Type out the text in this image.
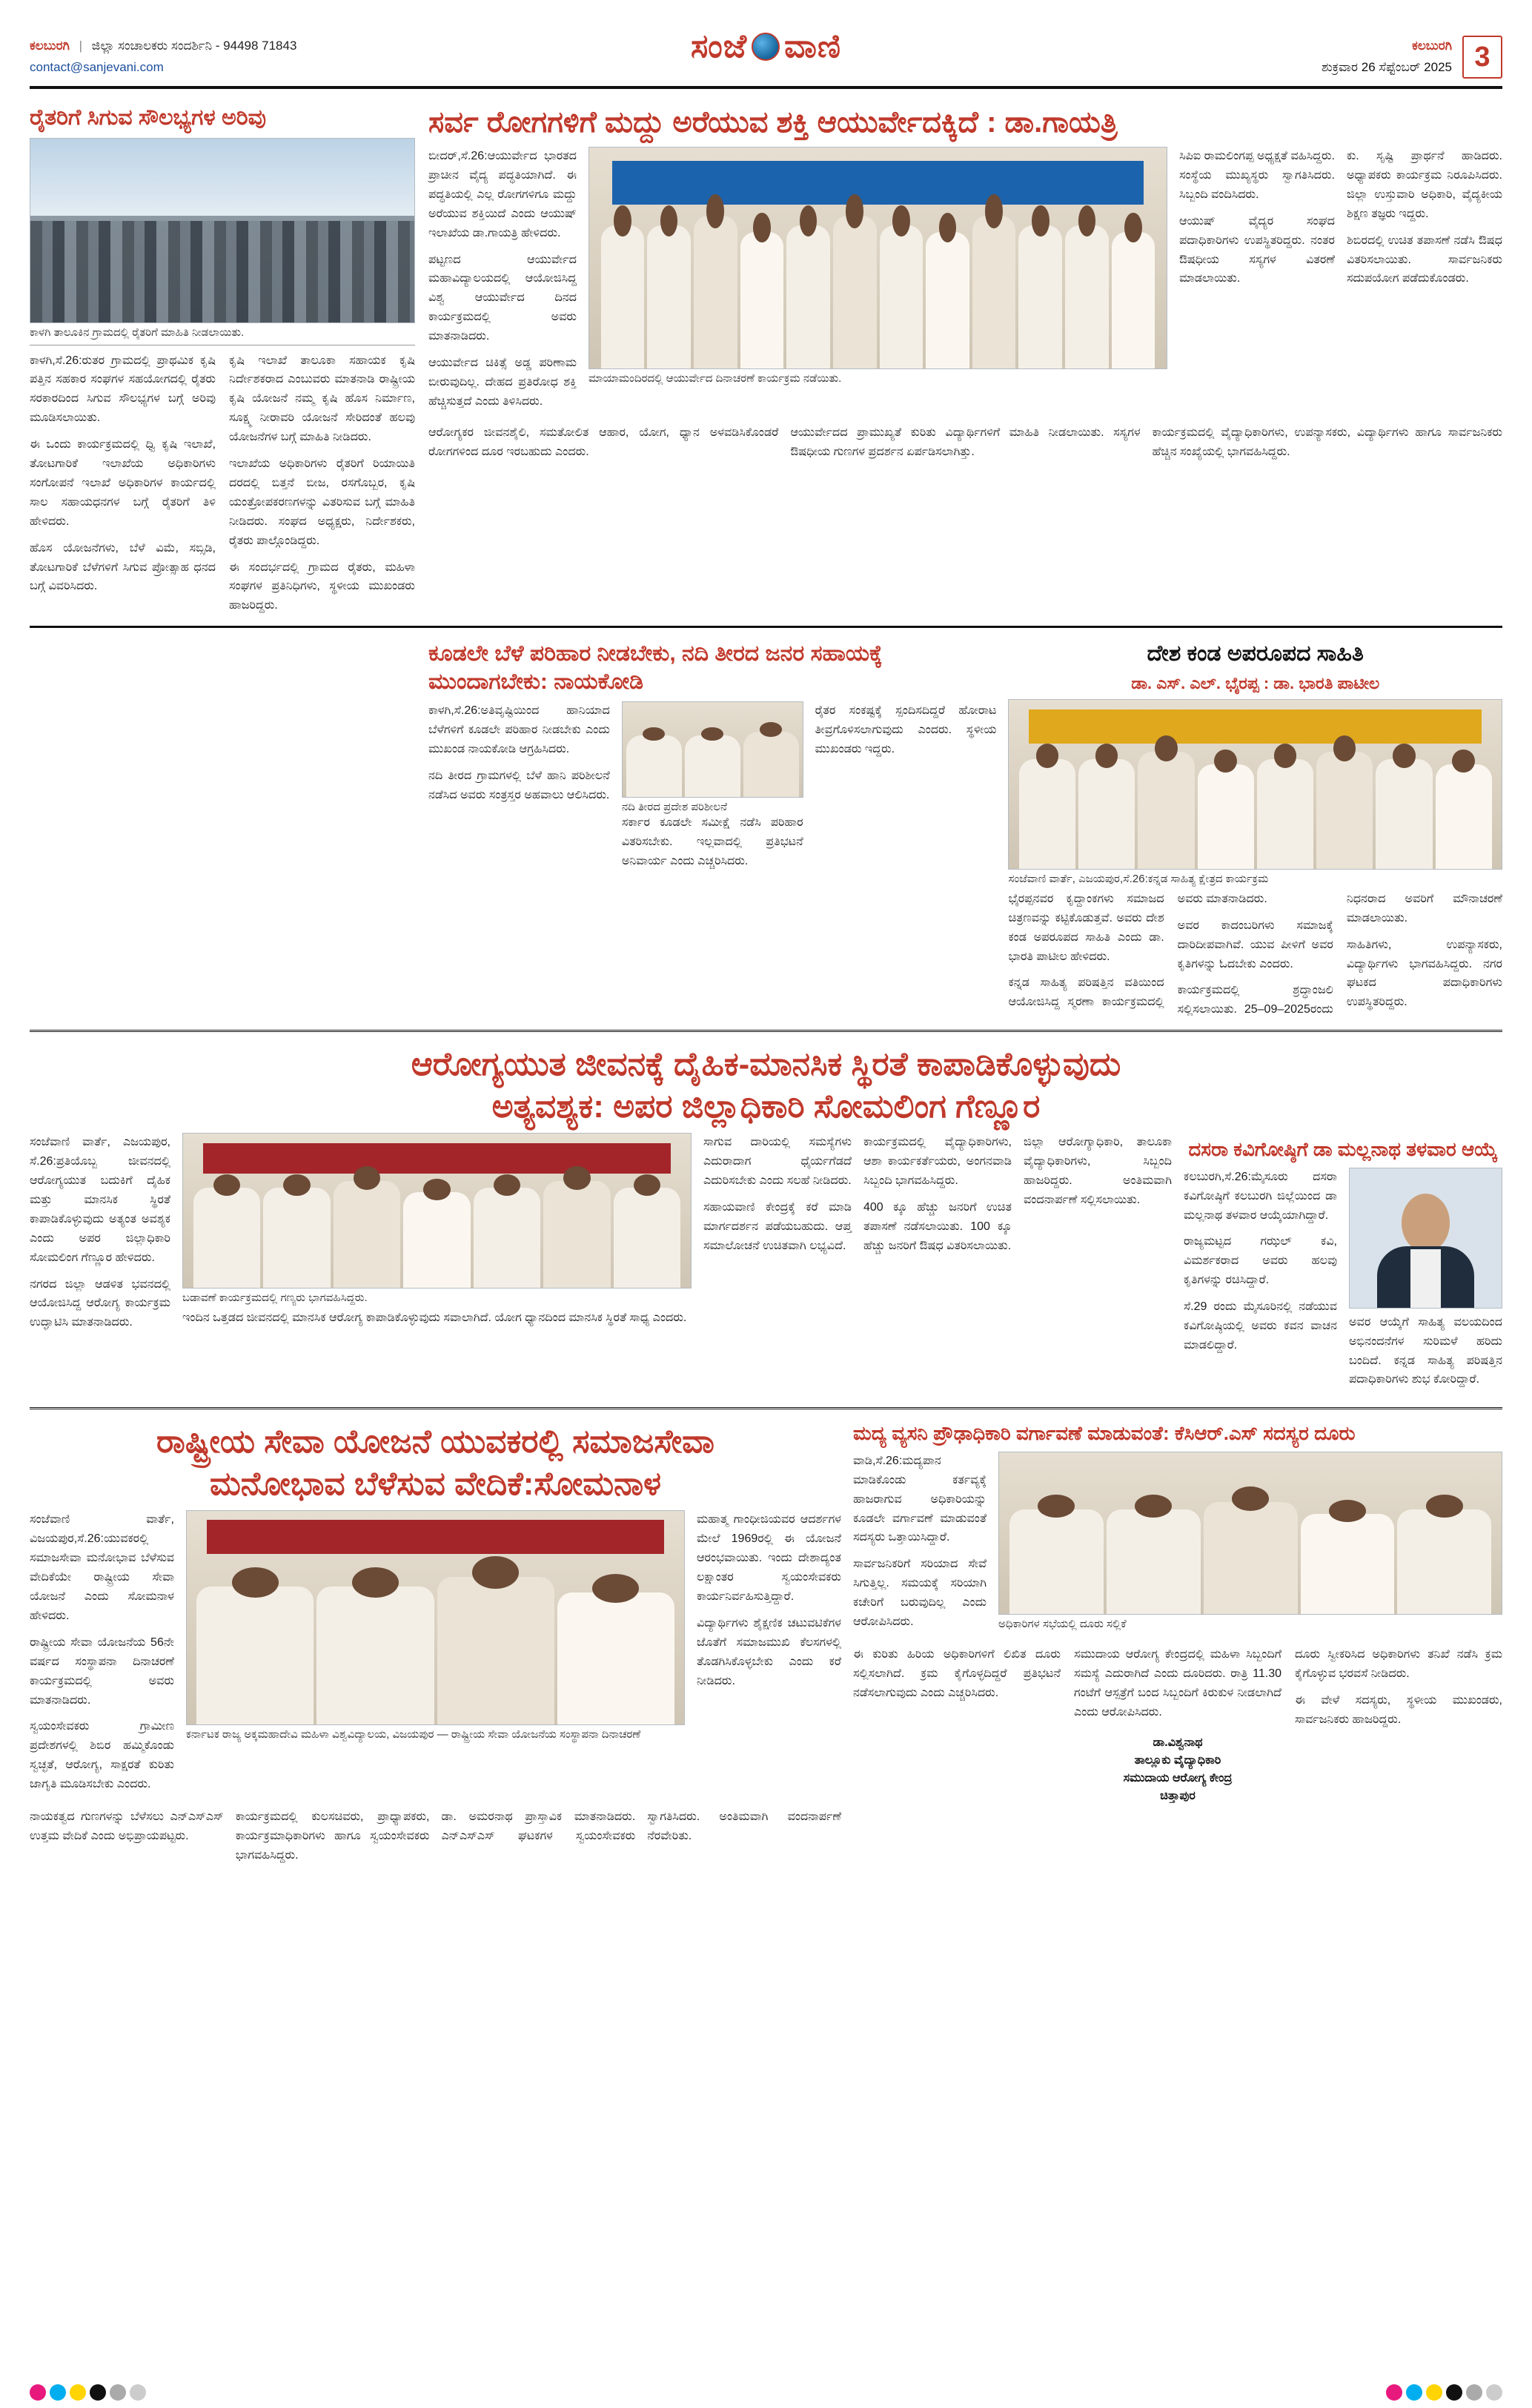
ಕಲಬುರಗಿ | ಜಿಲ್ಲಾ ಸಂಚಾಲಕರು ಸಂದರ್ಶಿನಿ - 94498 71843
contact@sanjevani.com
ಸಂಜೆ ವಾಣಿ	ಕಲಬುರಗಿ
ಶುಕ್ರವಾರ 26 ಸೆಪ್ಟೆಂಬರ್ 2025 3
ರೈತರಿಗೆ ಸಿಗುವ ಸೌಲಭ್ಯಗಳ ಅರಿವು
ಕಾಳಗಿ ತಾಲೂಕಿನ ಗ್ರಾಮದಲ್ಲಿ ರೈತರಿಗೆ ಮಾಹಿತಿ ನೀಡಲಾಯಿತು.

ಕಾಳಗಿ,ಸೆ.26:ರುತರ ಗ್ರಾಮದಲ್ಲಿ ಪ್ರಾಥಮಿಕ ಕೃಷಿ ಪತ್ತಿನ ಸಹಕಾರ ಸಂಘಗಳ ಸಹಯೋಗದಲ್ಲಿ ರೈತರು ಸರಕಾರದಿಂದ ಸಿಗುವ ಸೌಲಭ್ಯಗಳ ಬಗ್ಗೆ ಅರಿವು ಮೂಡಿಸಲಾಯಿತು.

ಈ ಒಂದು ಕಾರ್ಯಕ್ರಮದಲ್ಲಿ ಧ್ವಿ ಕೃಷಿ ಇಲಾಖೆ, ತೋಟಗಾರಿಕೆ ಇಲಾಖೆಯ ಅಧಿಕಾರಿಗಳು ಸಂಗೋಪನೆ ಇಲಾಖೆ ಅಧಿಕಾರಿಗಳ ಕಾರ್ಯದಲ್ಲಿ ಸಾಲ ಸಹಾಯಧನಗಳ ಬಗ್ಗೆ ರೈತರಿಗೆ ತಿಳಿ ಹೇಳಿದರು.

ಹೊಸ ಯೋಜನೆಗಳು, ಬೆಳೆ ವಿಮೆ, ಸಬ್ಸಿಡಿ, ತೋಟಗಾರಿಕೆ ಬೆಳೆಗಳಿಗೆ ಸಿಗುವ ಪ್ರೋತ್ಸಾಹ ಧನದ ಬಗ್ಗೆ ವಿವರಿಸಿದರು.

ಕೃಷಿ ಇಲಾಖೆ ತಾಲೂಕಾ ಸಹಾಯಕ ಕೃಷಿ ನಿರ್ದೇಶಕರಾದ ಎಂಬುವರು ಮಾತನಾಡಿ ರಾಷ್ಟ್ರೀಯ ಕೃಷಿ ಯೋಜನೆ ನಮ್ಮ ಕೃಷಿ ಹೊಸ ನಿರ್ಮಾಣ, ಸೂಕ್ಷ್ಮ ನೀರಾವರಿ ಯೋಜನೆ ಸೇರಿದಂತೆ ಹಲವು ಯೋಜನೆಗಳ ಬಗ್ಗೆ ಮಾಹಿತಿ ನೀಡಿದರು.

ಇಲಾಖೆಯ ಅಧಿಕಾರಿಗಳು ರೈತರಿಗೆ ರಿಯಾಯಿತಿ ದರದಲ್ಲಿ ಬಿತ್ತನೆ ಬೀಜ, ರಸಗೊಬ್ಬರ, ಕೃಷಿ ಯಂತ್ರೋಪಕರಣಗಳನ್ನು ವಿತರಿಸುವ ಬಗ್ಗೆ ಮಾಹಿತಿ ನೀಡಿದರು. ಸಂಘದ ಅಧ್ಯಕ್ಷರು, ನಿರ್ದೇಶಕರು, ರೈತರು ಪಾಲ್ಗೊಂಡಿದ್ದರು.

ಈ ಸಂದರ್ಭದಲ್ಲಿ ಗ್ರಾಮದ ರೈತರು, ಮಹಿಳಾ ಸಂಘಗಳ ಪ್ರತಿನಿಧಿಗಳು, ಸ್ಥಳೀಯ ಮುಖಂಡರು ಹಾಜರಿದ್ದರು.

ಸರ್ವ ರೋಗಗಳಿಗೆ ಮದ್ದು ಅರೆಯುವ ಶಕ್ತಿ ಆಯುರ್ವೇದಕ್ಕಿದೆ : ಡಾ.ಗಾಯತ್ರಿ

ಬೀದರ್,ಸೆ.26:ಆಯುರ್ವೇದ ಭಾರತದ ಪ್ರಾಚೀನ ವೈದ್ಯ ಪದ್ಧತಿಯಾಗಿದೆ. ಈ ಪದ್ಧತಿಯಲ್ಲಿ ಎಲ್ಲ ರೋಗಗಳಿಗೂ ಮದ್ದು ಅರೆಯುವ ಶಕ್ತಿಯಿದೆ ಎಂದು ಆಯುಷ್ ಇಲಾಖೆಯ ಡಾ.ಗಾಯತ್ರಿ ಹೇಳಿದರು.

ಪಟ್ಟಣದ ಆಯುರ್ವೇದ ಮಹಾವಿದ್ಯಾಲಯದಲ್ಲಿ ಆಯೋಜಿಸಿದ್ದ ವಿಶ್ವ ಆಯುರ್ವೇದ ದಿನದ ಕಾರ್ಯಕ್ರಮದಲ್ಲಿ ಅವರು ಮಾತನಾಡಿದರು.

ಆಯುರ್ವೇದ ಚಿಕಿತ್ಸೆ ಅಡ್ಡ ಪರಿಣಾಮ ಬೀರುವುದಿಲ್ಲ. ದೇಹದ ಪ್ರತಿರೋಧ ಶಕ್ತಿ ಹೆಚ್ಚಿಸುತ್ತದೆ ಎಂದು ತಿಳಿಸಿದರು.

ಮಾಯಾಮಂದಿರದಲ್ಲಿ ಆಯುರ್ವೇದ ದಿನಾಚರಣೆ ಕಾರ್ಯಕ್ರಮ ನಡೆಯಿತು.

ಸಿಪಿಐ ರಾಮಲಿಂಗಪ್ಪ ಅಧ್ಯಕ್ಷತೆ ವಹಿಸಿದ್ದರು. ಸಂಸ್ಥೆಯ ಮುಖ್ಯಸ್ಥರು ಸ್ವಾಗತಿಸಿದರು. ಸಿಬ್ಬಂದಿ ವಂದಿಸಿದರು.

ಆಯುಷ್ ವೈದ್ಯರ ಸಂಘದ ಪದಾಧಿಕಾರಿಗಳು ಉಪಸ್ಥಿತರಿದ್ದರು. ನಂತರ ಔಷಧೀಯ ಸಸ್ಯಗಳ ವಿತರಣೆ ಮಾಡಲಾಯಿತು.

ಕು. ಸೃಷ್ಟಿ ಪ್ರಾರ್ಥನೆ ಹಾಡಿದರು. ಅಧ್ಯಾಪಕರು ಕಾರ್ಯಕ್ರಮ ನಿರೂಪಿಸಿದರು. ಜಿಲ್ಲಾ ಉಸ್ತುವಾರಿ ಅಧಿಕಾರಿ, ವೈದ್ಯಕೀಯ ಶಿಕ್ಷಣ ತಜ್ಞರು ಇದ್ದರು.

ಶಿಬಿರದಲ್ಲಿ ಉಚಿತ ತಪಾಸಣೆ ನಡೆಸಿ ಔಷಧ ವಿತರಿಸಲಾಯಿತು. ಸಾರ್ವಜನಿಕರು ಸದುಪಯೋಗ ಪಡೆದುಕೊಂಡರು.

ಆರೋಗ್ಯಕರ ಜೀವನಶೈಲಿ, ಸಮತೋಲಿತ ಆಹಾರ, ಯೋಗ, ಧ್ಯಾನ ಅಳವಡಿಸಿಕೊಂಡರೆ ರೋಗಗಳಿಂದ ದೂರ ಇರಬಹುದು ಎಂದರು.

ಆಯುರ್ವೇದದ ಪ್ರಾಮುಖ್ಯತೆ ಕುರಿತು ವಿದ್ಯಾರ್ಥಿಗಳಿಗೆ ಮಾಹಿತಿ ನೀಡಲಾಯಿತು. ಸಸ್ಯಗಳ ಔಷಧೀಯ ಗುಣಗಳ ಪ್ರದರ್ಶನ ಏರ್ಪಡಿಸಲಾಗಿತ್ತು.

ಕಾರ್ಯಕ್ರಮದಲ್ಲಿ ವೈದ್ಯಾಧಿಕಾರಿಗಳು, ಉಪನ್ಯಾಸಕರು, ವಿದ್ಯಾರ್ಥಿಗಳು ಹಾಗೂ ಸಾರ್ವಜನಿಕರು ಹೆಚ್ಚಿನ ಸಂಖ್ಯೆಯಲ್ಲಿ ಭಾಗವಹಿಸಿದ್ದರು.

ಕೂಡಲೇ ಬೆಳೆ ಪರಿಹಾರ ನೀಡಬೇಕು, ನದಿ ತೀರದ ಜನರ ಸಹಾಯಕ್ಕೆ ಮುಂದಾಗಬೇಕು: ನಾಯಕೋಡಿ

ಕಾಳಗಿ,ಸೆ.26:ಅತಿವೃಷ್ಟಿಯಿಂದ ಹಾನಿಯಾದ ಬೆಳೆಗಳಿಗೆ ಕೂಡಲೇ ಪರಿಹಾರ ನೀಡಬೇಕು ಎಂದು ಮುಖಂಡ ನಾಯಕೋಡಿ ಆಗ್ರಹಿಸಿದರು.

ನದಿ ತೀರದ ಗ್ರಾಮಗಳಲ್ಲಿ ಬೆಳೆ ಹಾನಿ ಪರಿಶೀಲನೆ ನಡೆಸಿದ ಅವರು ಸಂತ್ರಸ್ತರ ಅಹವಾಲು ಆಲಿಸಿದರು.

ನದಿ ತೀರದ ಪ್ರದೇಶ ಪರಿಶೀಲನೆ

ಸರ್ಕಾರ ಕೂಡಲೇ ಸಮೀಕ್ಷೆ ನಡೆಸಿ ಪರಿಹಾರ ವಿತರಿಸಬೇಕು. ಇಲ್ಲವಾದಲ್ಲಿ ಪ್ರತಿಭಟನೆ ಅನಿವಾರ್ಯ ಎಂದು ಎಚ್ಚರಿಸಿದರು.

ರೈತರ ಸಂಕಷ್ಟಕ್ಕೆ ಸ್ಪಂದಿಸದಿದ್ದರೆ ಹೋರಾಟ ತೀವ್ರಗೊಳಿಸಲಾಗುವುದು ಎಂದರು. ಸ್ಥಳೀಯ ಮುಖಂಡರು ಇದ್ದರು.

ದೇಶ ಕಂಡ ಅಪರೂಪದ ಸಾಹಿತಿ
ಡಾ. ಎಸ್. ಎಲ್. ಭೈರಪ್ಪ : ಡಾ. ಭಾರತಿ ಪಾಟೀಲ
ಸಂಜೆವಾಣಿ ವಾರ್ತೆ, ಎಜಯಪುರ,ಸೆ.26:ಕನ್ನಡ ಸಾಹಿತ್ಯ ಕ್ಷೇತ್ರದ ಕಾರ್ಯಕ್ರಮ

ಭೈರಪ್ಪನವರ ಕೃದ್ದಾಂಕಗಳು ಸಮಾಜದ ಚಿತ್ರಣವನ್ನು ಕಟ್ಟಿಕೊಡುತ್ತವೆ. ಅವರು ದೇಶ ಕಂಡ ಅಪರೂಪದ ಸಾಹಿತಿ ಎಂದು ಡಾ. ಭಾರತಿ ಪಾಟೀಲ ಹೇಳಿದರು.

ಕನ್ನಡ ಸಾಹಿತ್ಯ ಪರಿಷತ್ತಿನ ವತಿಯಿಂದ ಆಯೋಜಿಸಿದ್ದ ಸ್ಮರಣಾ ಕಾರ್ಯಕ್ರಮದಲ್ಲಿ ಅವರು ಮಾತನಾಡಿದರು.

ಅವರ ಕಾದಂಬರಿಗಳು ಸಮಾಜಕ್ಕೆ ದಾರಿದೀಪವಾಗಿವೆ. ಯುವ ಪೀಳಿಗೆ ಅವರ ಕೃತಿಗಳನ್ನು ಓದಬೇಕು ಎಂದರು.

ಕಾರ್ಯಕ್ರಮದಲ್ಲಿ ಶ್ರದ್ಧಾಂಜಲಿ ಸಲ್ಲಿಸಲಾಯಿತು. 25–09–2025ರಂದು ನಿಧನರಾದ ಅವರಿಗೆ ಮೌನಾಚರಣೆ ಮಾಡಲಾಯಿತು.

ಸಾಹಿತಿಗಳು, ಉಪನ್ಯಾಸಕರು, ವಿದ್ಯಾರ್ಥಿಗಳು ಭಾಗವಹಿಸಿದ್ದರು. ನಗರ ಘಟಕದ ಪದಾಧಿಕಾರಿಗಳು ಉಪಸ್ಥಿತರಿದ್ದರು.

ಆರೋಗ್ಯಯುತ ಜೀವನಕ್ಕೆ ದೈಹಿಕ-ಮಾನಸಿಕ ಸ್ಥಿರತೆ ಕಾಪಾಡಿಕೊಳ್ಳುವುದು
ಅತ್ಯವಶ್ಯಕ: ಅಪರ ಜಿಲ್ಲಾಧಿಕಾರಿ ಸೋಮಲಿಂಗ ಗೆಣ್ಣೂರ

ಸಂಜೆವಾಣಿ ವಾರ್ತೆ, ಎಜಯಪುರ, ಸೆ.26:ಪ್ರತಿಯೊಬ್ಬ ಜೀವನದಲ್ಲಿ ಆರೋಗ್ಯಯುತ ಬದುಕಿಗೆ ದೈಹಿಕ ಮತ್ತು ಮಾನಸಿಕ ಸ್ಥಿರತೆ ಕಾಪಾಡಿಕೊಳ್ಳುವುದು ಅತ್ಯಂತ ಅವಶ್ಯಕ ಎಂದು ಅಪರ ಜಿಲ್ಲಾಧಿಕಾರಿ ಸೋಮಲಿಂಗ ಗೆಣ್ಣೂರ ಹೇಳಿದರು.

ನಗರದ ಜಿಲ್ಲಾ ಆಡಳಿತ ಭವನದಲ್ಲಿ ಆಯೋಜಿಸಿದ್ದ ಆರೋಗ್ಯ ಕಾರ್ಯಕ್ರಮ ಉದ್ಘಾಟಿಸಿ ಮಾತನಾಡಿದರು.

ಬಡಾವಣೆ ಕಾರ್ಯಕ್ರಮದಲ್ಲಿ ಗಣ್ಯರು ಭಾಗವಹಿಸಿದ್ದರು.

ಇಂದಿನ ಒತ್ತಡದ ಜೀವನದಲ್ಲಿ ಮಾನಸಿಕ ಆರೋಗ್ಯ ಕಾಪಾಡಿಕೊಳ್ಳುವುದು ಸವಾಲಾಗಿದೆ. ಯೋಗ ಧ್ಯಾನದಿಂದ ಮಾನಸಿಕ ಸ್ಥಿರತೆ ಸಾಧ್ಯ ಎಂದರು.

ಸಾಗುವ ದಾರಿಯಲ್ಲಿ ಸಮಸ್ಯೆಗಳು ಎದುರಾದಾಗ ಧೈರ್ಯಗೆಡದೆ ಎದುರಿಸಬೇಕು ಎಂದು ಸಲಹೆ ನೀಡಿದರು.

ಸಹಾಯವಾಣಿ ಕೇಂದ್ರಕ್ಕೆ ಕರೆ ಮಾಡಿ ಮಾರ್ಗದರ್ಶನ ಪಡೆಯಬಹುದು. ಆಪ್ತ ಸಮಾಲೋಚನೆ ಉಚಿತವಾಗಿ ಲಭ್ಯವಿದೆ.

ಕಾರ್ಯಕ್ರಮದಲ್ಲಿ ವೈದ್ಯಾಧಿಕಾರಿಗಳು, ಆಶಾ ಕಾರ್ಯಕರ್ತೆಯರು, ಅಂಗನವಾಡಿ ಸಿಬ್ಬಂದಿ ಭಾಗವಹಿಸಿದ್ದರು.

400 ಕ್ಕೂ ಹೆಚ್ಚು ಜನರಿಗೆ ಉಚಿತ ತಪಾಸಣೆ ನಡೆಸಲಾಯಿತು. 100 ಕ್ಕೂ ಹೆಚ್ಚು ಜನರಿಗೆ ಔಷಧ ವಿತರಿಸಲಾಯಿತು.

ಜಿಲ್ಲಾ ಆರೋಗ್ಯಾಧಿಕಾರಿ, ತಾಲೂಕಾ ವೈದ್ಯಾಧಿಕಾರಿಗಳು, ಸಿಬ್ಬಂದಿ ಹಾಜರಿದ್ದರು. ಅಂತಿಮವಾಗಿ ವಂದನಾರ್ಪಣೆ ಸಲ್ಲಿಸಲಾಯಿತು.

ದಸರಾ ಕವಿಗೋಷ್ಠಿಗೆ ಡಾ ಮಲ್ಲನಾಥ ತಳವಾರ ಆಯ್ಕೆ

ಕಲಬುರಗಿ,ಸೆ.26:ಮೈಸೂರು ದಸರಾ ಕವಿಗೋಷ್ಠಿಗೆ ಕಲಬುರಗಿ ಜಿಲ್ಲೆಯಿಂದ ಡಾ ಮಲ್ಲನಾಥ ತಳವಾರ ಆಯ್ಕೆಯಾಗಿದ್ದಾರೆ.

ರಾಜ್ಯಮಟ್ಟದ ಗಝಲ್ ಕವಿ, ವಿಮರ್ಶಕರಾದ ಅವರು ಹಲವು ಕೃತಿಗಳನ್ನು ರಚಿಸಿದ್ದಾರೆ.

ಸೆ.29 ರಂದು ಮೈಸೂರಿನಲ್ಲಿ ನಡೆಯುವ ಕವಿಗೋಷ್ಠಿಯಲ್ಲಿ ಅವರು ಕವನ ವಾಚನ ಮಾಡಲಿದ್ದಾರೆ.

ಅವರ ಆಯ್ಕೆಗೆ ಸಾಹಿತ್ಯ ವಲಯದಿಂದ ಅಭಿನಂದನೆಗಳ ಸುರಿಮಳೆ ಹರಿದು ಬಂದಿದೆ. ಕನ್ನಡ ಸಾಹಿತ್ಯ ಪರಿಷತ್ತಿನ ಪದಾಧಿಕಾರಿಗಳು ಶುಭ ಕೋರಿದ್ದಾರೆ.

ರಾಷ್ಟ್ರೀಯ ಸೇವಾ ಯೋಜನೆ ಯುವಕರಲ್ಲಿ ಸಮಾಜಸೇವಾ
ಮನೋಭಾವ ಬೆಳೆಸುವ ವೇದಿಕೆ:ಸೋಮನಾಳ

ಸಂಜೆವಾಣಿ ವಾರ್ತೆ, ವಿಜಯಪುರ,ಸೆ.26:ಯುವಕರಲ್ಲಿ ಸಮಾಜಸೇವಾ ಮನೋಭಾವ ಬೆಳೆಸುವ ವೇದಿಕೆಯೇ ರಾಷ್ಟ್ರೀಯ ಸೇವಾ ಯೋಜನೆ ಎಂದು ಸೋಮನಾಳ ಹೇಳಿದರು.

ರಾಷ್ಟ್ರೀಯ ಸೇವಾ ಯೋಜನೆಯ 56ನೇ ವರ್ಷದ ಸಂಸ್ಥಾಪನಾ ದಿನಾಚರಣೆ ಕಾರ್ಯಕ್ರಮದಲ್ಲಿ ಅವರು ಮಾತನಾಡಿದರು.

ಸ್ವಯಂಸೇವಕರು ಗ್ರಾಮೀಣ ಪ್ರದೇಶಗಳಲ್ಲಿ ಶಿಬಿರ ಹಮ್ಮಿಕೊಂಡು ಸ್ವಚ್ಛತೆ, ಆರೋಗ್ಯ, ಸಾಕ್ಷರತೆ ಕುರಿತು ಜಾಗೃತಿ ಮೂಡಿಸಬೇಕು ಎಂದರು.

ಕರ್ನಾಟಕ ರಾಜ್ಯ ಅಕ್ಕಮಹಾದೇವಿ ಮಹಿಳಾ ವಿಶ್ವವಿದ್ಯಾಲಯ, ವಿಜಯಪುರ — ರಾಷ್ಟ್ರೀಯ ಸೇವಾ ಯೋಜನೆಯ ಸಂಸ್ಥಾಪನಾ ದಿನಾಚರಣೆ

ಮಹಾತ್ಮ ಗಾಂಧೀಜಿಯವರ ಆದರ್ಶಗಳ ಮೇಲೆ 1969ರಲ್ಲಿ ಈ ಯೋಜನೆ ಆರಂಭವಾಯಿತು. ಇಂದು ದೇಶಾದ್ಯಂತ ಲಕ್ಷಾಂತರ ಸ್ವಯಂಸೇವಕರು ಕಾರ್ಯನಿರ್ವಹಿಸುತ್ತಿದ್ದಾರೆ.

ವಿದ್ಯಾರ್ಥಿಗಳು ಶೈಕ್ಷಣಿಕ ಚಟುವಟಿಕೆಗಳ ಜೊತೆಗೆ ಸಮಾಜಮುಖಿ ಕೆಲಸಗಳಲ್ಲಿ ತೊಡಗಿಸಿಕೊಳ್ಳಬೇಕು ಎಂದು ಕರೆ ನೀಡಿದರು.

ನಾಯಕತ್ವದ ಗುಣಗಳನ್ನು ಬೆಳೆಸಲು ಎನ್ಎಸ್ಎಸ್ ಉತ್ತಮ ವೇದಿಕೆ ಎಂದು ಅಭಿಪ್ರಾಯಪಟ್ಟರು.

ಕಾರ್ಯಕ್ರಮದಲ್ಲಿ ಕುಲಸಚಿವರು, ಪ್ರಾಧ್ಯಾಪಕರು, ಕಾರ್ಯಕ್ರಮಾಧಿಕಾರಿಗಳು ಹಾಗೂ ಸ್ವಯಂಸೇವಕರು ಭಾಗವಹಿಸಿದ್ದರು.

ಡಾ. ಅಮರನಾಥ ಪ್ರಾಸ್ತಾವಿಕ ಮಾತನಾಡಿದರು. ಎನ್ಎಸ್ಎಸ್ ಘಟಕಗಳ ಸ್ವಯಂಸೇವಕರು ಸ್ವಾಗತಿಸಿದರು. ಅಂತಿಮವಾಗಿ ವಂದನಾರ್ಪಣೆ ನೆರವೇರಿತು.

ಮದ್ಯ ವ್ಯಸನಿ ಪ್ರೌಢಾಧಿಕಾರಿ ವರ್ಗಾವಣೆ ಮಾಡುವಂತೆ: ಕೆಸಿಆರ್.ಎಸ್ ಸದಸ್ಯರ ದೂರು

ವಾಡಿ,ಸೆ.26:ಮದ್ಯಪಾನ ಮಾಡಿಕೊಂಡು ಕರ್ತವ್ಯಕ್ಕೆ ಹಾಜರಾಗುವ ಅಧಿಕಾರಿಯನ್ನು ಕೂಡಲೇ ವರ್ಗಾವಣೆ ಮಾಡುವಂತೆ ಸದಸ್ಯರು ಒತ್ತಾಯಿಸಿದ್ದಾರೆ.

ಸಾರ್ವಜನಿಕರಿಗೆ ಸರಿಯಾದ ಸೇವೆ ಸಿಗುತ್ತಿಲ್ಲ. ಸಮಯಕ್ಕೆ ಸರಿಯಾಗಿ ಕಚೇರಿಗೆ ಬರುವುದಿಲ್ಲ ಎಂದು ಆರೋಪಿಸಿದರು.	ಅಧಿಕಾರಿಗಳ ಸಭೆಯಲ್ಲಿ ದೂರು ಸಲ್ಲಿಕೆ

ಈ ಕುರಿತು ಹಿರಿಯ ಅಧಿಕಾರಿಗಳಿಗೆ ಲಿಖಿತ ದೂರು ಸಲ್ಲಿಸಲಾಗಿದೆ. ಕ್ರಮ ಕೈಗೊಳ್ಳದಿದ್ದರೆ ಪ್ರತಿಭಟನೆ ನಡೆಸಲಾಗುವುದು ಎಂದು ಎಚ್ಚರಿಸಿದರು.

ಸಮುದಾಯ ಆರೋಗ್ಯ ಕೇಂದ್ರದಲ್ಲಿ ಮಹಿಳಾ ಸಿಬ್ಬಂದಿಗೆ ಸಮಸ್ಯೆ ಎದುರಾಗಿದೆ ಎಂದು ದೂರಿದರು. ರಾತ್ರಿ 11.30 ಗಂಟೆಗೆ ಆಸ್ಪತ್ರೆಗೆ ಬಂದ ಸಿಬ್ಬಂದಿಗೆ ಕಿರುಕುಳ ನೀಡಲಾಗಿದೆ ಎಂದು ಆರೋಪಿಸಿದರು.

ದೂರು ಸ್ವೀಕರಿಸಿದ ಅಧಿಕಾರಿಗಳು ತನಿಖೆ ನಡೆಸಿ ಕ್ರಮ ಕೈಗೊಳ್ಳುವ ಭರವಸೆ ನೀಡಿದರು.

ಈ ವೇಳೆ ಸದಸ್ಯರು, ಸ್ಥಳೀಯ ಮುಖಂಡರು, ಸಾರ್ವಜನಿಕರು ಹಾಜರಿದ್ದರು.

ಡಾ.ವಿಶ್ವನಾಥ
ತಾಲ್ಲೂಕು ವೈದ್ಯಾಧಿಕಾರಿ
ಸಮುದಾಯ ಆರೋಗ್ಯ ಕೇಂದ್ರ
ಚಿತ್ತಾಪುರ
